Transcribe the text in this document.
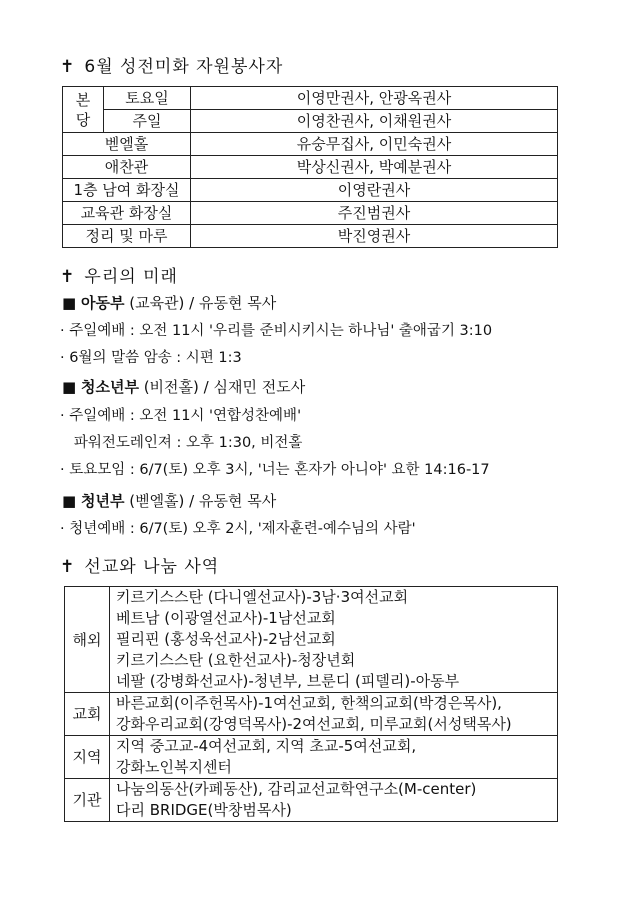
✝ 6월 성전미화 자원봉사자
본
당	토요일	이영만권사, 안광옥권사
	주일	이영찬권사, 이채원권사
벧엘홀		유숭무집사, 이민숙권사
애찬관		박상신권사, 박예분권사
1층 남여 화장실		이영란권사
교육관 화장실		주진범권사
정리 및 마루		박진영권사
✝ 우리의 미래
■ 아동부 (교육관) / 유동현 목사
· 주일예배 : 오전 11시 '우리를 준비시키시는 하나님' 출애굽기 3:10
· 6월의 말씀 암송 : 시편 1:3
■ 청소년부 (비전홀) / 심재민 전도사
· 주일예배 : 오전 11시 '연합성찬예배'
파워전도레인져 : 오후 1:30, 비전홀
· 토요모임 : 6/7(토) 오후 3시, '너는 혼자가 아니야' 요한 14:16-17
■ 청년부 (벧엘홀) / 유동현 목사
· 청년예배 : 6/7(토) 오후 2시, '제자훈련-예수님의 사람'
✝ 선교와 나눔 사역
해외	키르기스스탄 (다니엘선교사)-3남·3여선교회
베트남 (이광열선교사)-1남선교회
필리핀 (홍성욱선교사)-2남선교회
키르기스스탄 (요한선교사)-청장년회
네팔 (강병화선교사)-청년부, 브룬디 (피델리)-아동부

교회	바른교회(이주헌목사)-1여선교회, 한책의교회(박경은목사),
강화우리교회(강영덕목사)-2여선교회, 미루교회(서성택목사)

지역	지역 중고교-4여선교회, 지역 초교-5여선교회,
강화노인복지센터

기관	나눔의동산(카페동산), 감리교선교학연구소(M-center)
다리 BRIDGE(박창범목사)
